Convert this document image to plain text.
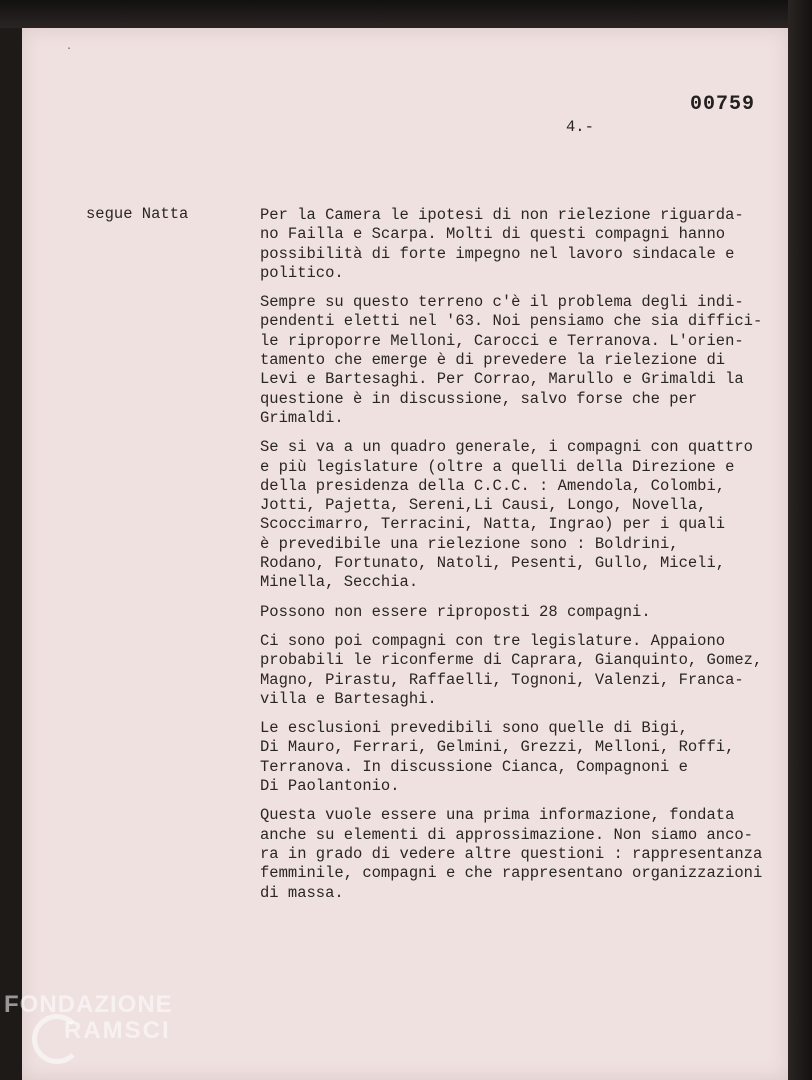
·
00759
4.-
segue Natta	Per la Camera le ipotesi di non rielezione riguarda-
no Failla e Scarpa. Molti di questi compagni hanno
possibilità di forte impegno nel lavoro sindacale e
politico.

Sempre su questo terreno c'è il problema degli indi-
pendenti eletti nel '63. Noi pensiamo che sia diffici-
le riproporre Melloni, Carocci e Terranova. L'orien-
tamento che emerge è di prevedere la rielezione di
Levi e Bartesaghi. Per Corrao, Marullo e Grimaldi la
questione è in discussione, salvo forse che per
Grimaldi.

Se si va a un quadro generale, i compagni con quattro
e più legislature (oltre a quelli della Direzione e
della presidenza della C.C.C. : Amendola, Colombi,
Jotti, Pajetta, Sereni,Li Causi, Longo, Novella,
Scoccimarro, Terracini, Natta, Ingrao) per i quali
è prevedibile una rielezione sono : Boldrini,
Rodano, Fortunato, Natoli, Pesenti, Gullo, Miceli,
Minella, Secchia.

Possono non essere riproposti 28 compagni.

Ci sono poi compagni con tre legislature. Appaiono
probabili le riconferme di Caprara, Gianquinto, Gomez,
Magno, Pirastu, Raffaelli, Tognoni, Valenzi, Franca-
villa e Bartesaghi.

Le esclusioni prevedibili sono quelle di Bigi,
Di Mauro, Ferrari, Gelmini, Grezzi, Melloni, Roffi,
Terranova. In discussione Cianca, Compagnoni e
Di Paolantonio.

Questa vuole essere una prima informazione, fondata
anche su elementi di approssimazione. Non siamo anco-
ra in grado di vedere altre questioni : rappresentanza
femminile, compagni e che rappresentano organizzazioni
di massa.

FONDAZIONE
RAMSCI
